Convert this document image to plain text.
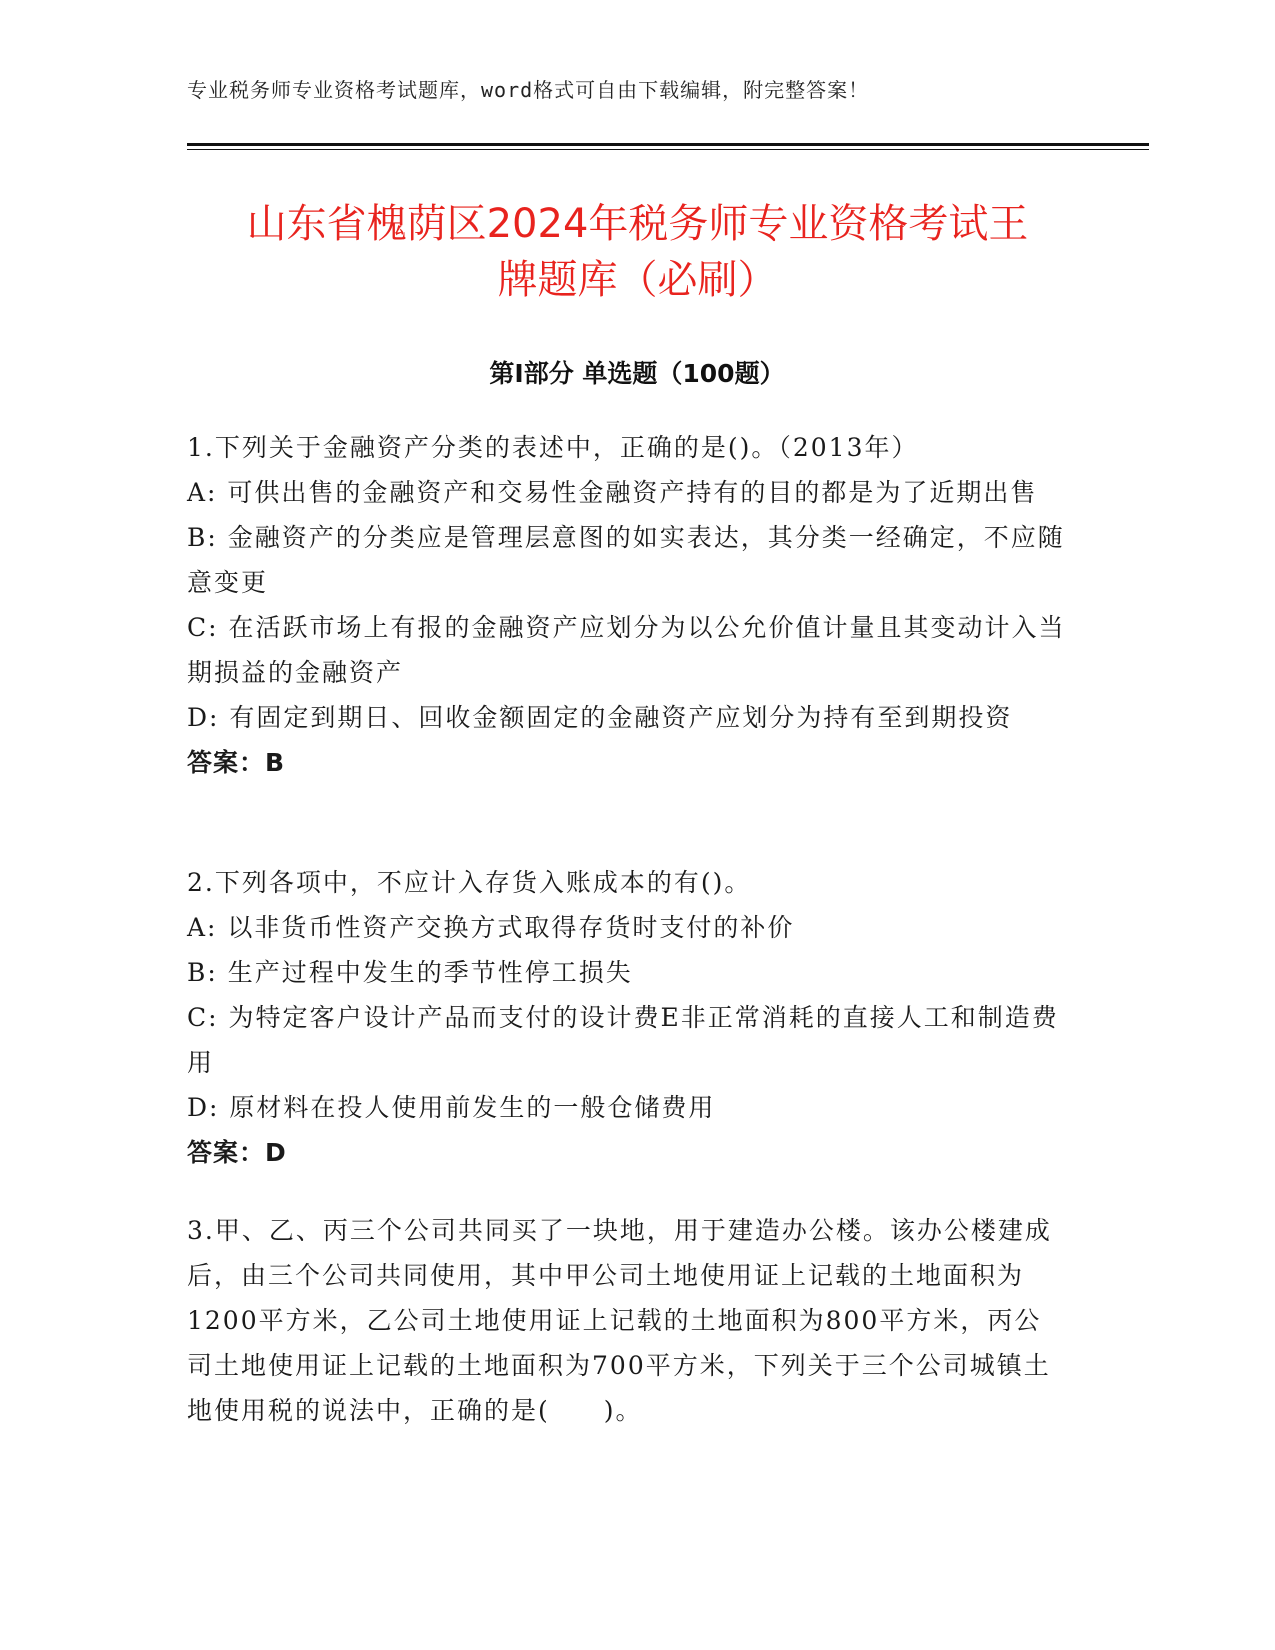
专业税务师专业资格考试题库，word格式可自由下载编辑，附完整答案！
山东省槐荫区2024年税务师专业资格考试王
牌题库（必刷）
第Ⅰ部分 单选题（100题）

1.下列关于金融资产分类的表述中，正确的是()。（2013年）

A: 可供出售的金融资产和交易性金融资产持有的目的都是为了近期出售

B: 金融资产的分类应是管理层意图的如实表达，其分类一经确定，不应随意变更

C: 在活跃市场上有报的金融资产应划分为以公允价值计量且其变动计入当期损益的金融资产

D: 有固定到期日、回收金额固定的金融资产应划分为持有至到期投资

答案：B

2.下列各项中，不应计入存货入账成本的有()。

A: 以非货币性资产交换方式取得存货时支付的补价

B: 生产过程中发生的季节性停工损失

C: 为特定客户设计产品而支付的设计费E非正常消耗的直接人工和制造费用

D: 原材料在投人使用前发生的一般仓储费用

答案：D

3.甲、乙、丙三个公司共同买了一块地，用于建造办公楼。该办公楼建成后，由三个公司共同使用，其中甲公司土地使用证上记载的土地面积为1200平方米，乙公司土地使用证上记载的土地面积为800平方米，丙公司土地使用证上记载的土地面积为700平方米，下列关于三个公司城镇土地使用税的说法中，正确的是(　　)。
